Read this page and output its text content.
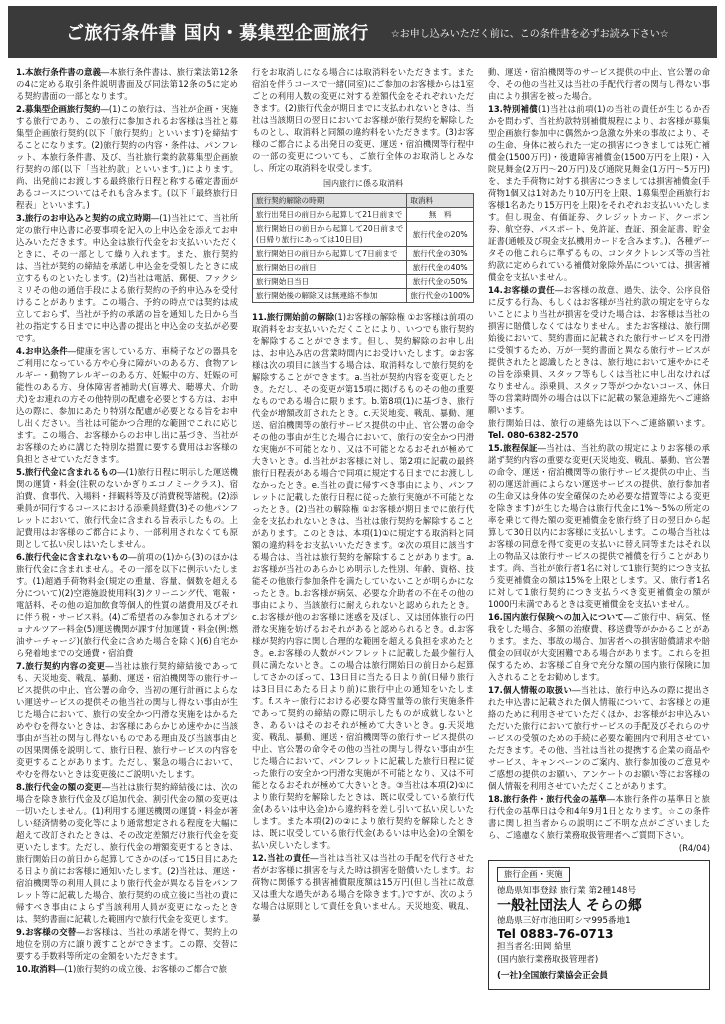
ご旅行条件書 国内・募集型企画旅行 ☆お申し込みいただく前に、この条件書を必ずお読み下さい☆

1.本旅行条件書の意義―本旅行条件書は、旅行業法第12条の4に定める取引条件説明書面及び同法第12条の5に定める契約書面の一部となります。

2.募集型企画旅行契約―(1)この旅行は、当社が企画・実施する旅行であり、この旅行に参加されるお客様は当社と募集型企画旅行契約(以下「旅行契約」といいます)を締結することになります。(2)旅行契約の内容・条件は、パンフレット、本旅行条件書、及び、当社旅行業約款募集型企画旅行契約の部(以下「当社約款」といいます。)によります。尚、出発前にお渡しする最終旅行日程と称する確定書面があるコースについてはそれも含みます。(以下「最終旅行日程表」といいます。)

3.旅行のお申込みと契約の成立時期―(1)当社にて、当社所定の旅行申込書に必要事項を記入の上申込金を添えてお申込みいただきます。申込金は旅行代金をお支払いいただくときに、その一部として繰り入れます。また、旅行契約は、当社が契約の締結を承諾し申込金を受領したときに成立するものといたします。(2)当社は電話、郵便、ファクシミリその他の通信手段による旅行契約の予約申込みを受付けることがあります。この場合、予約の時点では契約は成立しておらず、当社が予約の承諾の旨を通知した日から当社の指定する日までに申込書の提出と申込金の支払が必要です。

4.お申込条件―健康を害している方、車椅子などの器具をご利用になっている方や心身に障がいのある方、食物アレルギー・動物アレルギーのある方、妊娠中の方、妊娠の可能性のある方、身体障害者補助犬(盲導犬、聴導犬、介助犬)をお連れの方その他特別の配慮を必要とする方は、お申込の際に、参加にあたり特別な配慮が必要となる旨をお申し出ください。当社は可能かつ合理的な範囲でこれに応じます。この場合、お客様からのお申し出に基づき、当社がお客様のために講じた特別な措置に要する費用はお客様の負担とさせていただきます。

5.旅行代金に含まれるもの―(1)旅行日程に明示した運送機関の運賃・料金(注釈のないかぎりエコノミークラス)、宿泊費、食事代、入場料・拝観料等及び消費税等諸税。(2)添乗員が同行するコースにおける添乗員経費(3)その他パンフレットにおいて、旅行代金に含まれる旨表示したもの。上記費用はお客様のご都合により、一部利用されなくても原則として払い戻しはいたしません。

6.旅行代金に含まれないもの―前項の(1)から(3)のほかは旅行代金に含まれません。その一部を以下に例示いたします。(1)超過手荷物料金(規定の重量、容量、個数を超える分について)(2)空港施設使用料(3)クリーニング代、電報・電話料、その他の追加飲食等個人的性質の諸費用及びそれに伴う税・サービス料。(4)ご希望者のみ参加されるオプショナルツアー料金(5)運送機関が課す付加運賃・料金(例:燃油サーチャージ)(旅行代金に含めた場合を除く)(6)自宅から発着地までの交通費・宿泊費

7.旅行契約内容の変更―当社は旅行契約締結後であっても、天災地変、戦乱、暴動、運送・宿泊機関等の旅行サービス提供の中止、官公署の命令、当初の運行計画によらない運送サービスの提供その他当社の関与し得ない事由が生じた場合において、旅行の安全かつ円滑な実施をはかるためやむを得ないときは、お客様にあらかじめ速やかに当該事由が当社の関与し得ないものである理由及び当該事由との因果関係を説明して、旅行日程、旅行サービスの内容を変更することがあります。ただし、緊急の場合において、やむを得ないときは変更後にご説明いたします。

8.旅行代金の額の変更―当社は旅行契約締結後には、次の場合を除き旅行代金及び追加代金、割引代金の額の変更は一切いたしません。(1)利用する運送機関の運賃・料金が著しい経済情勢の変化等により通常想定される程度を大幅に超えて改訂されたときは、その改定差額だけ旅行代金を変更いたします。ただし、旅行代金の増額変更するときは、旅行開始日の前日から起算してさかのぼって15日目にあたる日より前にお客様に通知いたします。(2)当社は、運送・宿泊機関等の利用人員により旅行代金が異なる旨をパンフレット等に記載した場合、旅行契約の成立後に当社の責に帰すべき事由によらず当該利用人員が変更になったときは、契約書面に記載した範囲内で旅行代金を変更します。

9.お客様の交替―お客様は、当社の承諾を得て、契約上の地位を別の方に譲り渡すことができます。この際、交替に要する手数料等所定の金額をいただきます。

10.取消料―(1)旅行契約の成立後、お客様のご都合で旅

行をお取消しになる場合には取消料をいただきます。また宿泊を伴うコースで一緒(同室)にご参加のお客様からは1室ごとの利用人数の変更に対する差額代金をそれぞれいただきます。(2)旅行代金が期日までに支払われないときは、当社は当該期日の翌日においてお客様が旅行契約を解除したものとし、取消料と同額の違約料をいただきます。(3)お客様のご都合による出発日の変更、運送・宿泊機関等行程中の一部の変更についても、ご旅行全体のお取消しとみなし、所定の取消料を収受します。

国内旅行に係る取消料
旅行契約解除の時期	取消料
旅行出発日の前日から起算して21日前まで	無　料
旅行開始日の前日から起算して20日前まで(日帰り旅行にあっては10日目)	旅行代金の20%
旅行開始日の前日から起算して7日前まで	旅行代金の30%
旅行開始日の前日	旅行代金の40%
旅行開始日当日	旅行代金の50%
旅行開始後の解除又は無連絡不参加	旅行代金の100%

11.旅行開始前の解除(1)お客様の解除権 ①お客様は前項の取消料をお支払いいただくことにより、いつでも旅行契約を解除することができます。但し、契約解除のお申し出は、お申込み店の営業時間内にお受けいたします。②お客様は次の項目に該当する場合は、取消料なしで旅行契約を解除することができます。a.当社が契約内容を変更したとき。ただし、その変更が第15項に掲げるものその他の重要なものである場合に限ります。b.第8項(1)に基づき、旅行代金が増額改訂されたとき。c.天災地変、戦乱、暴動、運送、宿泊機関等の旅行サービス提供の中止、官公署の命令その他の事由が生じた場合において、旅行の安全かつ円滑な実施が不可能となり、又は不可能となるおそれが極めて大きいとき。d.当社がお客様に対し、第2項に記載の最終旅行日程表がある場合で同項に規定する日までにお渡ししなかったとき。e.当社の責に帰すべき事由により、パンフレットに記載した旅行日程に従った旅行実施が不可能となったとき。(2)当社の解除権 ①お客様が期日までに旅行代金を支払われないときは、当社は旅行契約を解除することがあります。このときは、本項(1)①に規定する取消料と同額の違約料をお支払いいただきます。②次の項目に該当する場合は、当社は旅行契約を解除することがあります。a.お客様が当社のあらかじめ明示した性別、年齢、資格、技能その他旅行参加条件を満たしていないことが明らかになったとき。b.お客様が病気、必要な介助者の不在その他の事由により、当該旅行に耐えられないと認められたとき。c.お客様が他のお客様に迷惑を及ぼし、又は団体旅行の円滑な実施を妨げるおそれがあると認められるとき。d.お客様が契約内容に関し合理的な範囲を超える負担を求めたとき。e.お客様の人数がパンフレットに記載した最少催行人員に満たないとき。この場合は旅行開始日の前日から起算してさかのぼって、13日目に当たる日より前(日帰り旅行は3日目にあたる日より前)に旅行中止の通知をいたします。f.スキー旅行における必要な降雪量等の旅行実施条件であって契約の締結の際に明示したものが成就しないとき、あるいはそのおそれが極めて大きいとき。g.天災地変、戦乱、暴動、運送・宿泊機関等の旅行サービス提供の中止、官公署の命令その他の当社の関与し得ない事由が生じた場合において、パンフレットに記載した旅行日程に従った旅行の安全かつ円滑な実施が不可能となり、又は不可能となるおそれが極めて大きいとき。③当社は本項(2)①により旅行契約を解除したときは、既に収受している旅行代金(あるいは申込金)から違約料を差し引いて払い戻しいたします。また本項(2)の②により旅行契約を解除したときは、既に収受している旅行代金(あるいは申込金)の全額を払い戻しいたします。

12.当社の責任―当社は当社又は当社の手配を代行させた者がお客様に損害を与えた時は損害を賠償いたします。お荷物に関係する損害補償限度額は15万円(但し当社に故意又は重大な過失がある場合を除きます。)ですが、次のような場合は原則として責任を負いません。天災地変、戦乱、暴

動、運送・宿泊機関等のサービス提供の中止、官公署の命令、その他の当社又は当社の手配代行者の関与し得ない事由により損害を被った場合。

13.特別補償(1)当社は前項(1)の当社の責任が生じるか否かを問わず、当社約款特別補償規程により、お客様が募集型企画旅行参加中に偶然かつ急激な外来の事故により、その生命、身体に被られた一定の損害につきましては死亡補償金(1500万円)・後遺障害補償金(1500万円を上限)・入院見舞金(2万円〜20万円)及び通院見舞金(1万円〜5万円)を、また手荷物に対する損害につきましては損害補償金(手荷物1個又は1対あたり10万円を上限、1募集型企画旅行お客様1名あたり15万円を上限)をそれぞれお支払いいたします。但し現金、有価証券、クレジットカード、クーポン券、航空券、パスポート、免許証、査証、預金証書、貯金証書(通帳及び現金支払機用カードを含みます。)、各種データその他これらに準ずるもの、コンタクトレンズ等の当社約款に定められている補償対象除外品については、損害補償金を支払いません。

14.お客様の責任―お客様の故意、過失、法令、公序良俗に反する行為、もしくはお客様が当社約款の規定を守らないことにより当社が損害を受けた場合は、お客様は当社の損害に賠償しなくてはなりません。またお客様は、旅行開始後において、契約書面に記載された旅行サービスを円滑に受領するため、万が一契約書面と異なる旅行サービスが提供されたと認識したときは、旅行地において速やかにその旨を添乗員、スタッフ等もしくは当社に申し出なければなりません。添乗員、スタッフ等がつかないコース、休日等の営業時間外の場合は以下に記載の緊急連絡先へご連絡願います。

旅行開始日は、旅行の連絡先は以下へご連絡願います。Tel. 080-6382-2570

15.旅程保証―当社は、当社約款の規定によりお客様の承諾ず契約内容の重要な変更(天災地変、戦乱、暴動、官公署の命令、運送・宿泊機関等の旅行サービス提供の中止、当初の運送計画によらない運送サービスの提供、旅行参加者の生命又は身体の安全確保のため必要な措置等による変更を除きます)が生じた場合は旅行代金に1%〜5%の所定の率を乗じて得た額の変更補償金を旅行終了日の翌日から起算して30日以内にお客様に支払いします。この場合当社はお客様の同意を得て変更の支払いに替え同等またはそれ以上の物品又は旅行サービスの提供で補償を行うことがあります。尚、当社が旅行者1名に対して1旅行契約につき支払う変更補償金の額は15%を上限とします。又、旅行者1名に対して1旅行契約につき支払うべき変更補償金の額が1000円未満であるときは変更補償金を支払いません。

16.国内旅行保険への加入について―ご旅行中、病気、怪我をした場合、多額の治療費、移送費等がかかることがあります。また、事故の場合、加害者への損害賠償請求や賠償金の回収が大変困難である場合があります。これらを担保するため、お客様ご自身で充分な額の国内旅行保険に加入されることをお勧めします。

17.個人情報の取扱い―当社は、旅行申込みの際に提出された申込書に記載された個人情報について、お客様との連絡のために利用させていただくほか、お客様がお申込みいただいた旅行において旅行サービスの手配及びそれらのサービスの受領のための手続に必要な範囲内で利用させていただきます。その他、当社は当社の提携する企業の商品やサービス、キャンペーンのご案内、旅行参加後のご意見やご感想の提供のお願い、アンケートのお願い等にお客様の個人情報を利用させていただくことがあります。

18.旅行条件・旅行代金の基準―本旅行条件の基準日と旅行代金の基準日は令和4年9月1日となります。☆この条件書に関し担当者からの説明にご不明な点がございましたら、ご遠慮なく旅行業務取扱管理者へご質問下さい。

(R4/04)
旅行企画・実施
徳島県知事登録 旅行業 第2種148号
一般社団法人 そらの郷
徳島県三好市池田町シマ995番地1
Tel 0883-76-0713
担当者名:田岡 給里
(国内旅行業務取扱管理者)
(一社)全国旅行業協会正会員
